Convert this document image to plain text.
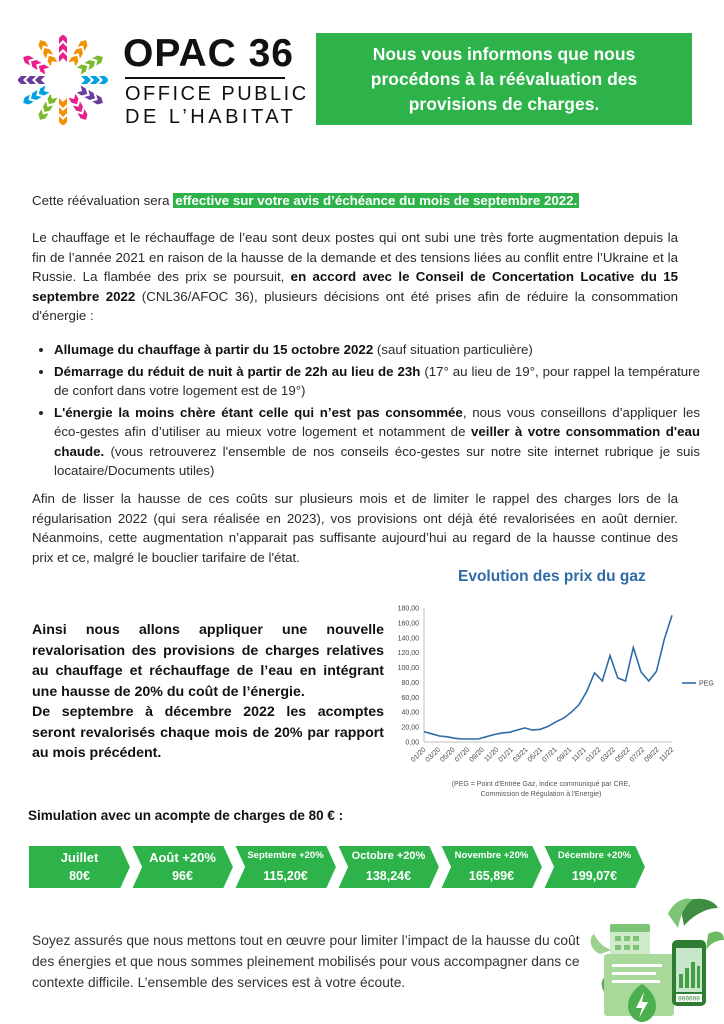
OPAC 36
OFFICE PUBLIC
DE L’HABITAT
Nous vous informons que nous procédons à la réévaluation des provisions de charges.
Cette réévaluation sera effective sur votre avis d’échéance du mois de septembre 2022.
Le chauffage et le réchauffage de l’eau sont deux postes qui ont subi une très forte augmentation depuis la fin de l’année 2021 en raison de la hausse de la demande et des tensions liées au conflit entre l’Ukraine et la Russie. La flambée des prix se poursuit, en accord avec le Conseil de Concertation Locative du 15 septembre 2022 (CNL36/AFOC 36), plusieurs décisions ont été prises afin de réduire la consommation d'énergie :
• Allumage du chauffage à partir du 15 octobre 2022 (sauf situation particulière)
• Démarrage du réduit de nuit à partir de 22h au lieu de 23h (17° au lieu de 19°, pour rappel la température de confort dans votre logement est de 19°)
• L'énergie la moins chère étant celle qui n’est pas consommée, nous vous conseillons d’appliquer les éco-gestes afin d’utiliser au mieux votre logement et notamment de veiller à votre consommation d'eau chaude. (vous retrouverez l'ensemble de nos conseils éco-gestes sur notre site internet rubrique je suis locataire/Documents utiles)
Afin de lisser la hausse de ces coûts sur plusieurs mois et de limiter le rappel des charges lors de la régularisation 2022 (qui sera réalisée en 2023), vos provisions ont déjà été revalorisées en août dernier. Néanmoins, cette augmentation n’apparait pas suffisante aujourd’hui au regard de la hausse continue des prix et ce, malgré le bouclier tarifaire de l'état.
Evolution des prix du gaz
0,00
20,00
40,00
60,00
80,00
100,00
120,00
140,00
160,00
180,00
01/20
03/20
05/20
07/20
09/20
11/20
01/21
03/21
05/21
07/21
09/21
11/21
01/22
03/22
05/22
07/22
09/22
11/22
PEG
(PEG = Point d'Entrée Gaz, indice communiqué par CRE,
Commission de Régulation à l'Energie)
Ainsi nous allons appliquer une nouvelle revalorisation des provisions de charges relatives au chauffage et réchauffage de l’eau en intégrant une hausse de 20% du coût de l’énergie.
De septembre à décembre 2022 les acomptes seront revalorisés chaque mois de 20% par rapport au mois précédent.
Simulation avec un acompte de charges de 80 € :
Juillet
80€
Août +20%
96€
Septembre +20%
115,20€
Octobre +20%
138,24€
Novembre +20%
165,89€
Décembre +20%
199,07€
Soyez assurés que nous mettons tout en œuvre pour limiter l’impact de la hausse du coût des énergies et que nous sommes pleinement mobilisés pour vous accompagner dans ce contexte difficile. L’ensemble des services est à votre écoute.
000000
